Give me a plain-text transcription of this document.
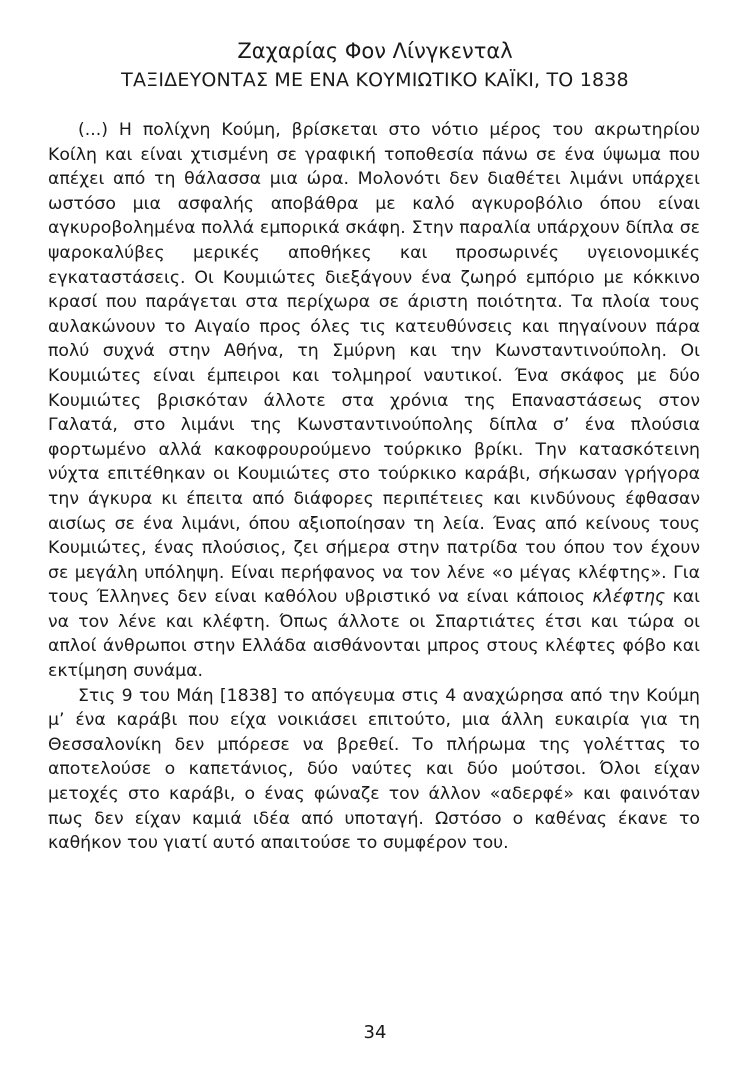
Ζαχαρίας Φον Λίνγκενταλ
ΤΑΞΙΔΕΥΟΝΤΑΣ ΜΕ ΕΝΑ ΚΟΥΜΙΩΤΙΚΟ ΚΑΪΚΙ, ΤΟ 1838

(...) Η πολίχνη Κούμη, βρίσκεται στο νότιο μέρος του ακρωτηρίου Κοίλη και είναι χτισμένη σε γραφική τοποθεσία πάνω σε ένα ύψωμα που απέχει από τη θάλασσα μια ώρα. Μολονότι δεν διαθέτει λιμάνι υπάρχει ωστόσο μια ασφαλής αποβάθρα με καλό αγκυροβόλιο όπου είναι αγκυροβολημένα πολλά εμπορικά σκάφη. Στην παραλία υπάρχουν δίπλα σε ψαροκαλύβες μερικές αποθήκες και προσωρινές υγειονομικές εγκαταστάσεις. Οι Κουμιώτες διεξάγουν ένα ζωηρό εμπόριο με κόκκινο κρασί που παράγεται στα περίχωρα σε άριστη ποιότητα. Τα πλοία τους αυλακώνουν το Αιγαίο προς όλες τις κατευθύνσεις και πηγαίνουν πάρα πολύ συχνά στην Αθήνα, τη Σμύρνη και την Κωνσταντινούπολη. Οι Κουμιώτες είναι έμπειροι και τολμηροί ναυτικοί. Ένα σκάφος με δύο Κουμιώτες βρισκόταν άλλοτε στα χρόνια της Επαναστάσεως στον Γαλατά, στο λιμάνι της Κωνσταντινούπολης δίπλα σ’ ένα πλούσια φορτωμένο αλλά κακοφρουρούμενο τούρκικο βρίκι. Την κατασκότεινη νύχτα επιτέθηκαν οι Κουμιώτες στο τούρκικο καράβι, σήκωσαν γρήγορα την άγκυρα κι έπειτα από διάφορες περιπέτειες και κινδύνους έφθασαν αισίως σε ένα λιμάνι, όπου αξιοποίησαν τη λεία. Ένας από κείνους τους Κουμιώτες, ένας πλούσιος, ζει σήμερα στην πατρίδα του όπου τον έχουν σε μεγάλη υπόληψη. Είναι περήφανος να τον λένε «ο μέγας κλέφτης». Για τους Έλληνες δεν είναι καθόλου υβριστικό να είναι κάποιος κλέφτης και να τον λένε και κλέφτη. Όπως άλλοτε οι Σπαρτιάτες έτσι και τώρα οι απλοί άνθρωποι στην Ελλάδα αισθάνονται μπρος στους κλέφτες φόβο και εκτίμηση συνάμα.

Στις 9 του Μάη [1838] το απόγευμα στις 4 αναχώρησα από την Κούμη μ’ ένα καράβι που είχα νοικιάσει επιτούτο, μια άλλη ευκαιρία για τη Θεσσαλονίκη δεν μπόρεσε να βρεθεί. Το πλήρωμα της γολέττας το αποτελούσε ο καπετάνιος, δύο ναύτες και δύο μούτσοι. Όλοι είχαν μετοχές στο καράβι, ο ένας φώναζε τον άλλον «αδερφέ» και φαινόταν πως δεν είχαν καμιά ιδέα από υποταγή. Ωστόσο ο καθένας έκανε το καθήκον του γιατί αυτό απαιτούσε το συμφέρον του.

34
